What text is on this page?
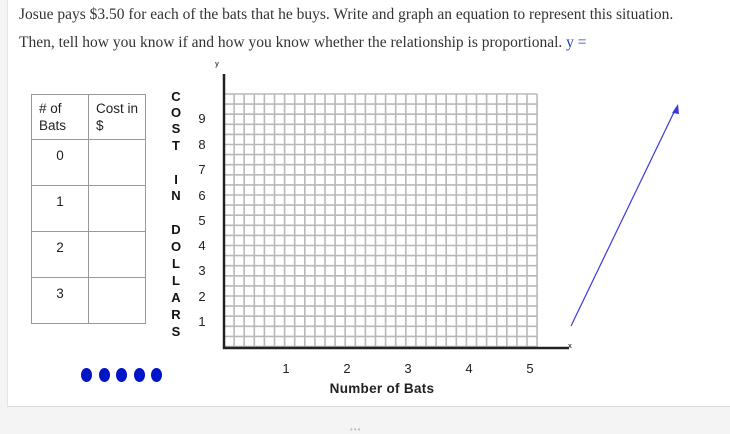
Josue pays $3.50 for each of the bats that he buys. Write and graph an equation to represent this situation.
Then, tell how you know if and how you know whether the relationship is proportional. y =
# of Bats	Cost in $
0	
1	
2	
3	
C
O
S
T
I
N
D
O
L
L
A
R
S
9
8
7
6
5
4
3
2
1
y
x
1	2	3	4	5
Number of Bats
•••
